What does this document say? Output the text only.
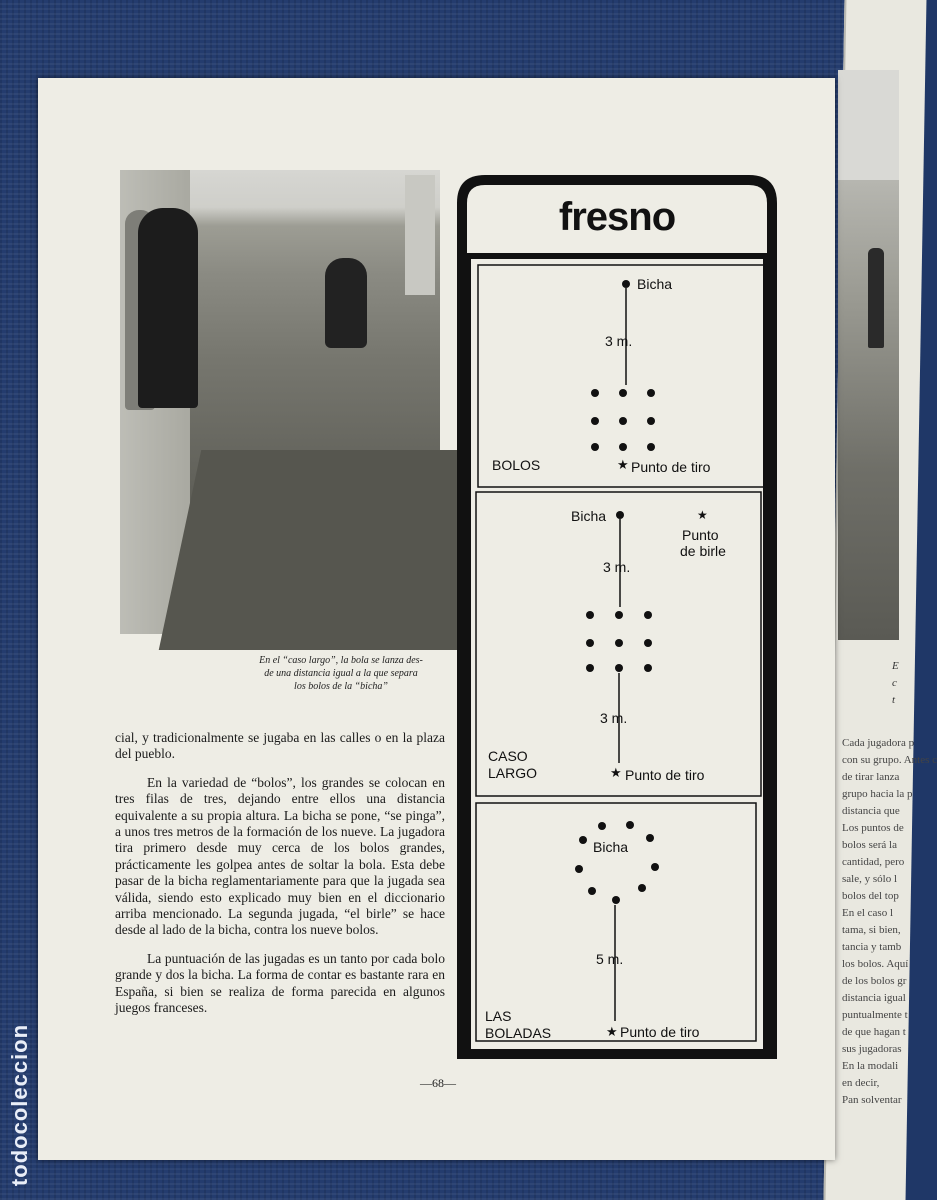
E
c
t
Cada jugadora p
con su grupo. Antes c
de tirar lanza
grupo hacia la p
distancia que
Los puntos de
bolos será la
cantidad, pero
sale, y sólo l
bolos del top
En el caso l
tama, si bien,
tancia y tamb
los bolos. Aquí
de los bolos gr
distancia igual
puntualmente t
de que hagan t
sus jugadoras
En la modali
en decir,
Pan solventar
todocoleccion
En el “caso largo”, la bola se lanza des-
de una distancia igual a la que separa
los bolos de la “bicha”

cial, y tradicionalmente se jugaba en las calles o en la plaza del pueblo.

En la variedad de “bolos”, los grandes se colocan en tres filas de tres, dejando entre ellos una distancia equivalente a su propia altura. La bicha se pone, “se pinga”, a unos tres metros de la formación de los nueve. La jugadora tira primero desde muy cerca de los bolos grandes, prácticamente les golpea antes de soltar la bola. Esta debe pasar de la bicha reglamentariamente para que la jugada sea válida, siendo esto explicado muy bien en el diccionario arriba mencionado. La segunda jugada, “el birle” se hace desde al lado de la bicha, contra los nueve bolos.

La puntuación de las jugadas es un tanto por cada bolo grande y dos la bicha. La forma de contar es bastante rara en España, si bien se realiza de forma parecida en algunos juegos franceses.

—68—
fresno
Bicha
3 m.
BOLOS	★ Punto de tiro
Bicha	★
Punto
de birle
3 m.
3 m.
CASO
LARGO	★ Punto de tiro
Bicha
5 m.
LAS
BOLADAS	★ Punto de tiro
